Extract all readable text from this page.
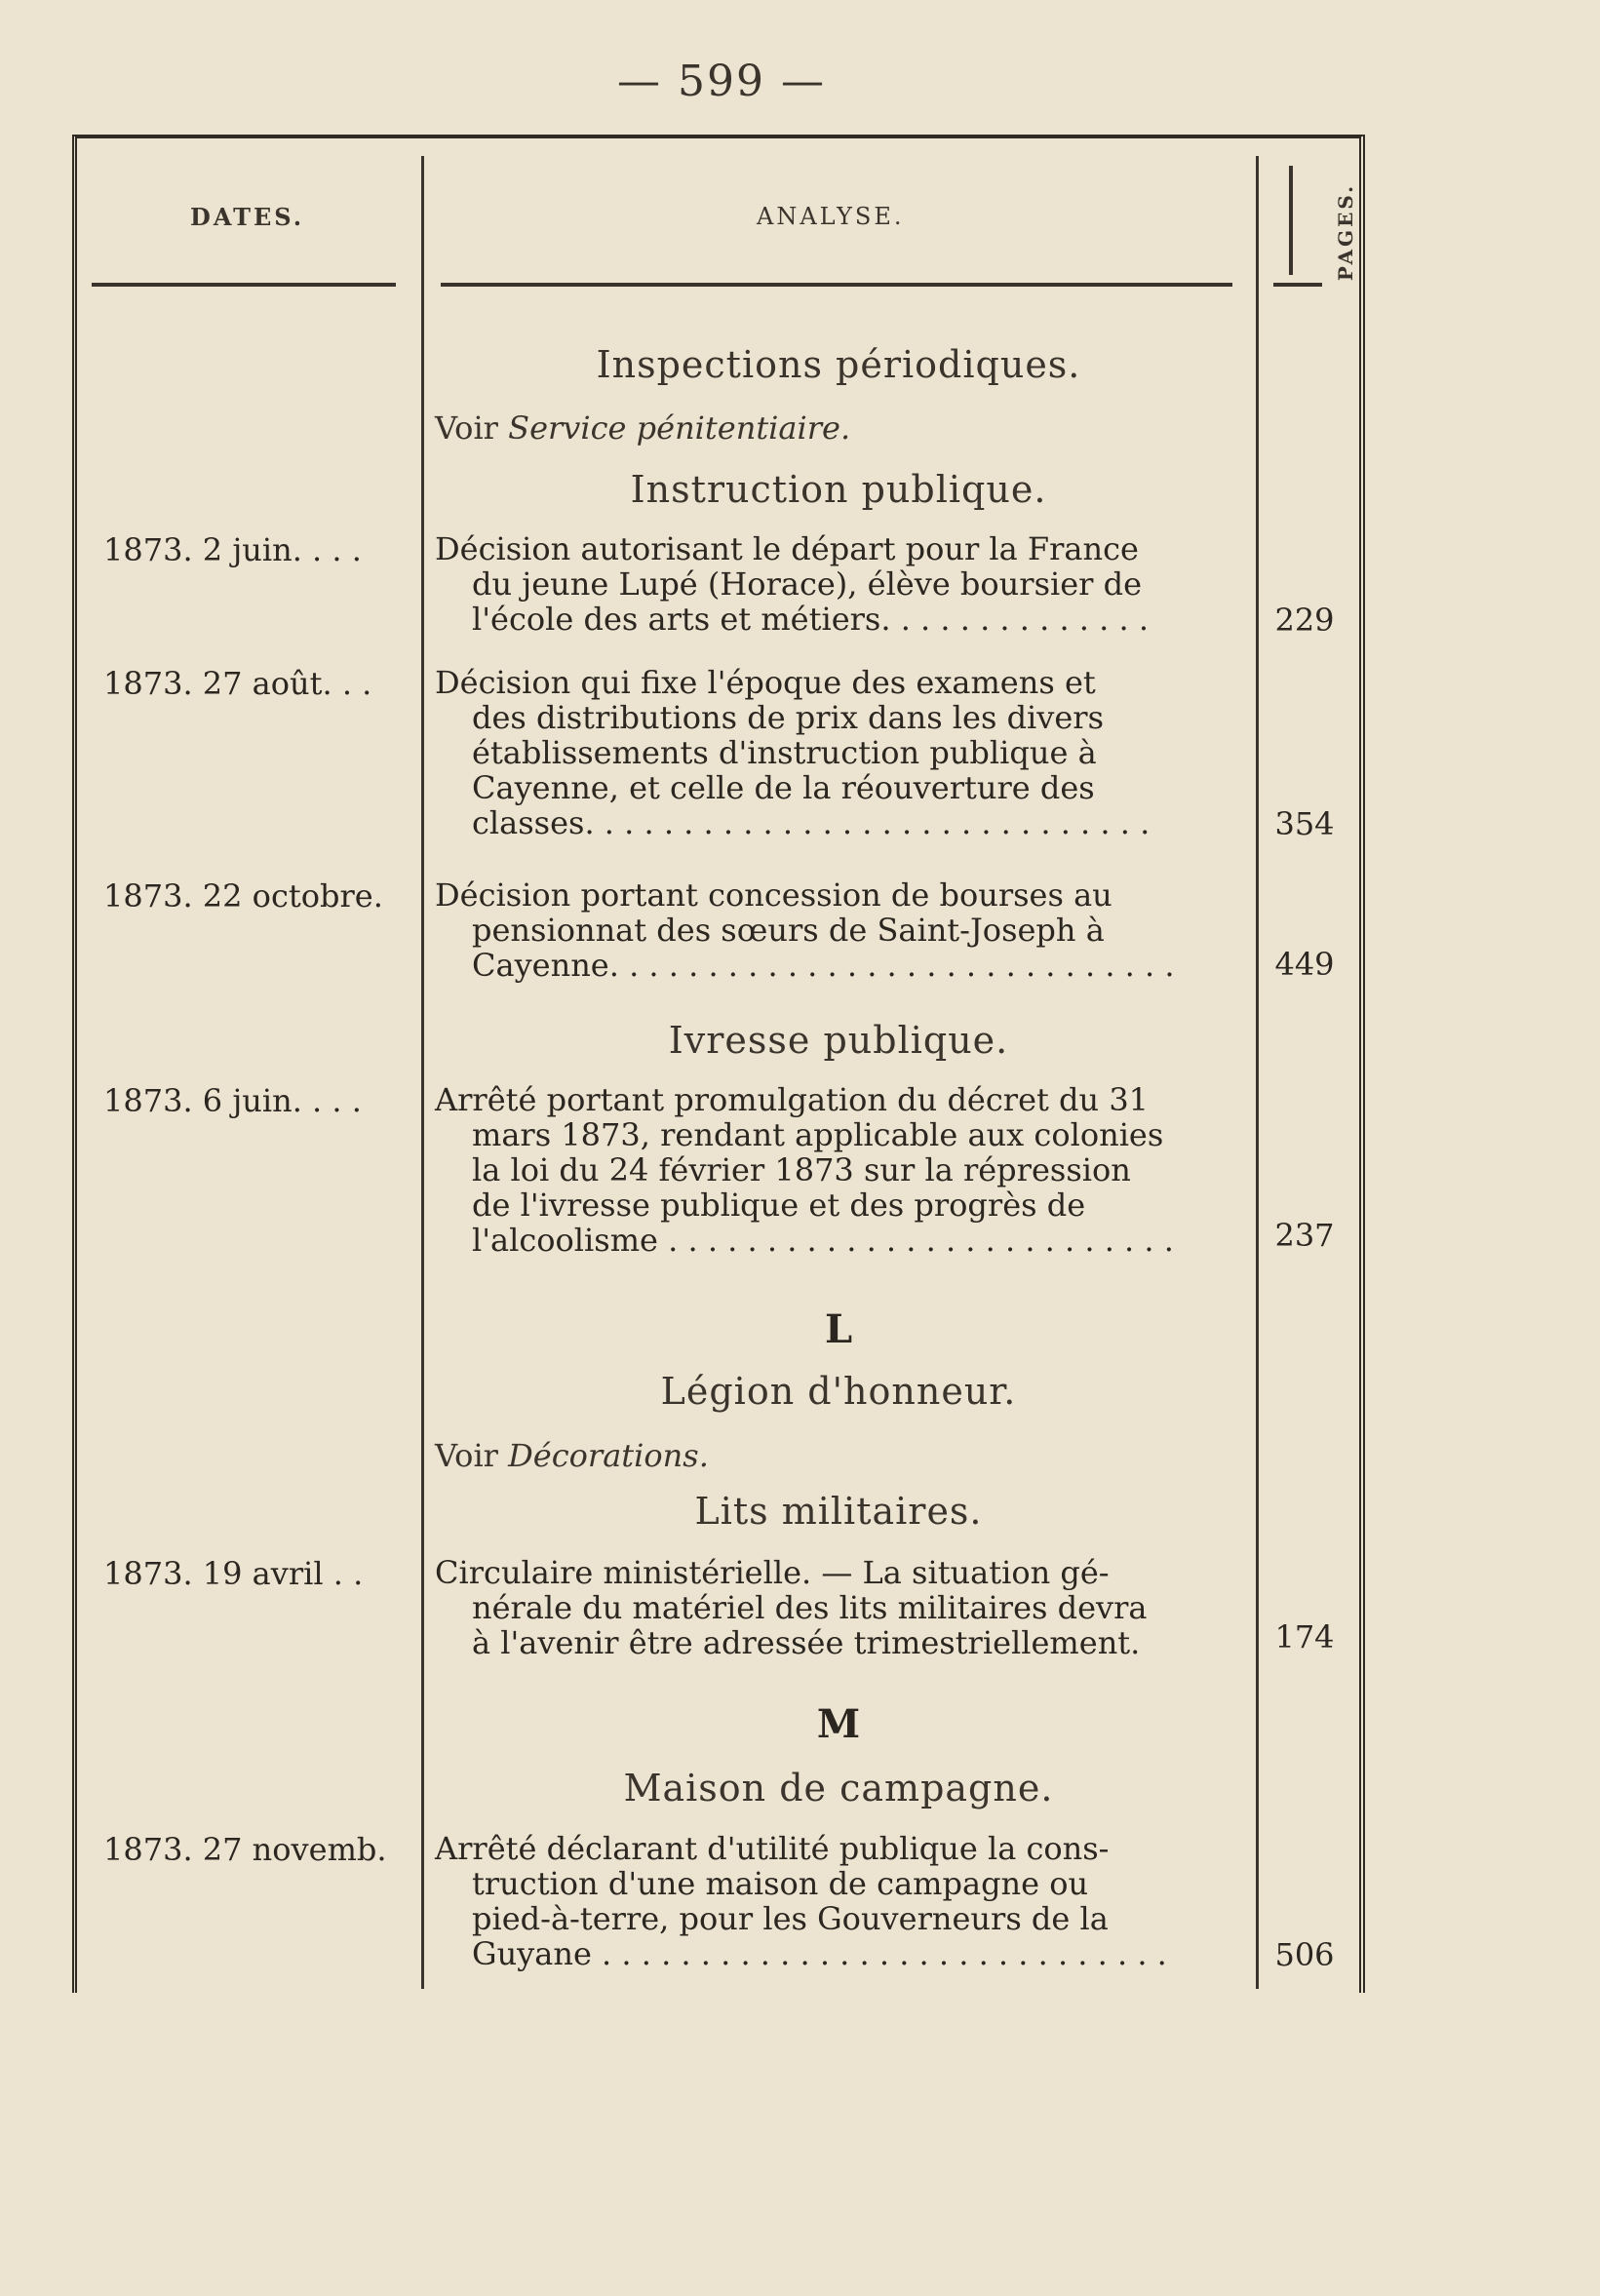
— 599 —
DATES.	ANALYSE.	PAGES.
Inspections périodiques.
Voir Service pénitentiaire.
Instruction publique.
1873. 2 juin. . . . Décision autorisant le départ pour la France
du jeune Lupé (Horace), élève boursier de
l'école des arts et métiers. . . . . . . . . . . . . .	229
1873. 27 août. . . Décision qui fixe l'époque des examens et
des distributions de prix dans les divers
établissements d'instruction publique à
Cayenne, et celle de la réouverture des
classes. . . . . . . . . . . . . . . . . . . . . . . . . . . . .	354
1873. 22 octobre. Décision portant concession de bourses au
pensionnat des sœurs de Saint-Joseph à
Cayenne. . . . . . . . . . . . . . . . . . . . . . . . . . . . .	449
Ivresse publique.
1873. 6 juin. . . . Arrêté portant promulgation du décret du 31
mars 1873, rendant applicable aux colonies
la loi du 24 février 1873 sur la répression
de l'ivresse publique et des progrès de
l'alcoolisme . . . . . . . . . . . . . . . . . . . . . . . . . .	237
L
Légion d'honneur.
Voir Décorations.
Lits militaires.
1873. 19 avril . . Circulaire ministérielle. — La situation gé-
nérale du matériel des lits militaires devra
à l'avenir être adressée trimestriellement.	174
M
Maison de campagne.
1873. 27 novemb. Arrêté déclarant d'utilité publique la cons-
truction d'une maison de campagne ou
pied-à-terre, pour les Gouverneurs de la
Guyane . . . . . . . . . . . . . . . . . . . . . . . . . . . . .	506
